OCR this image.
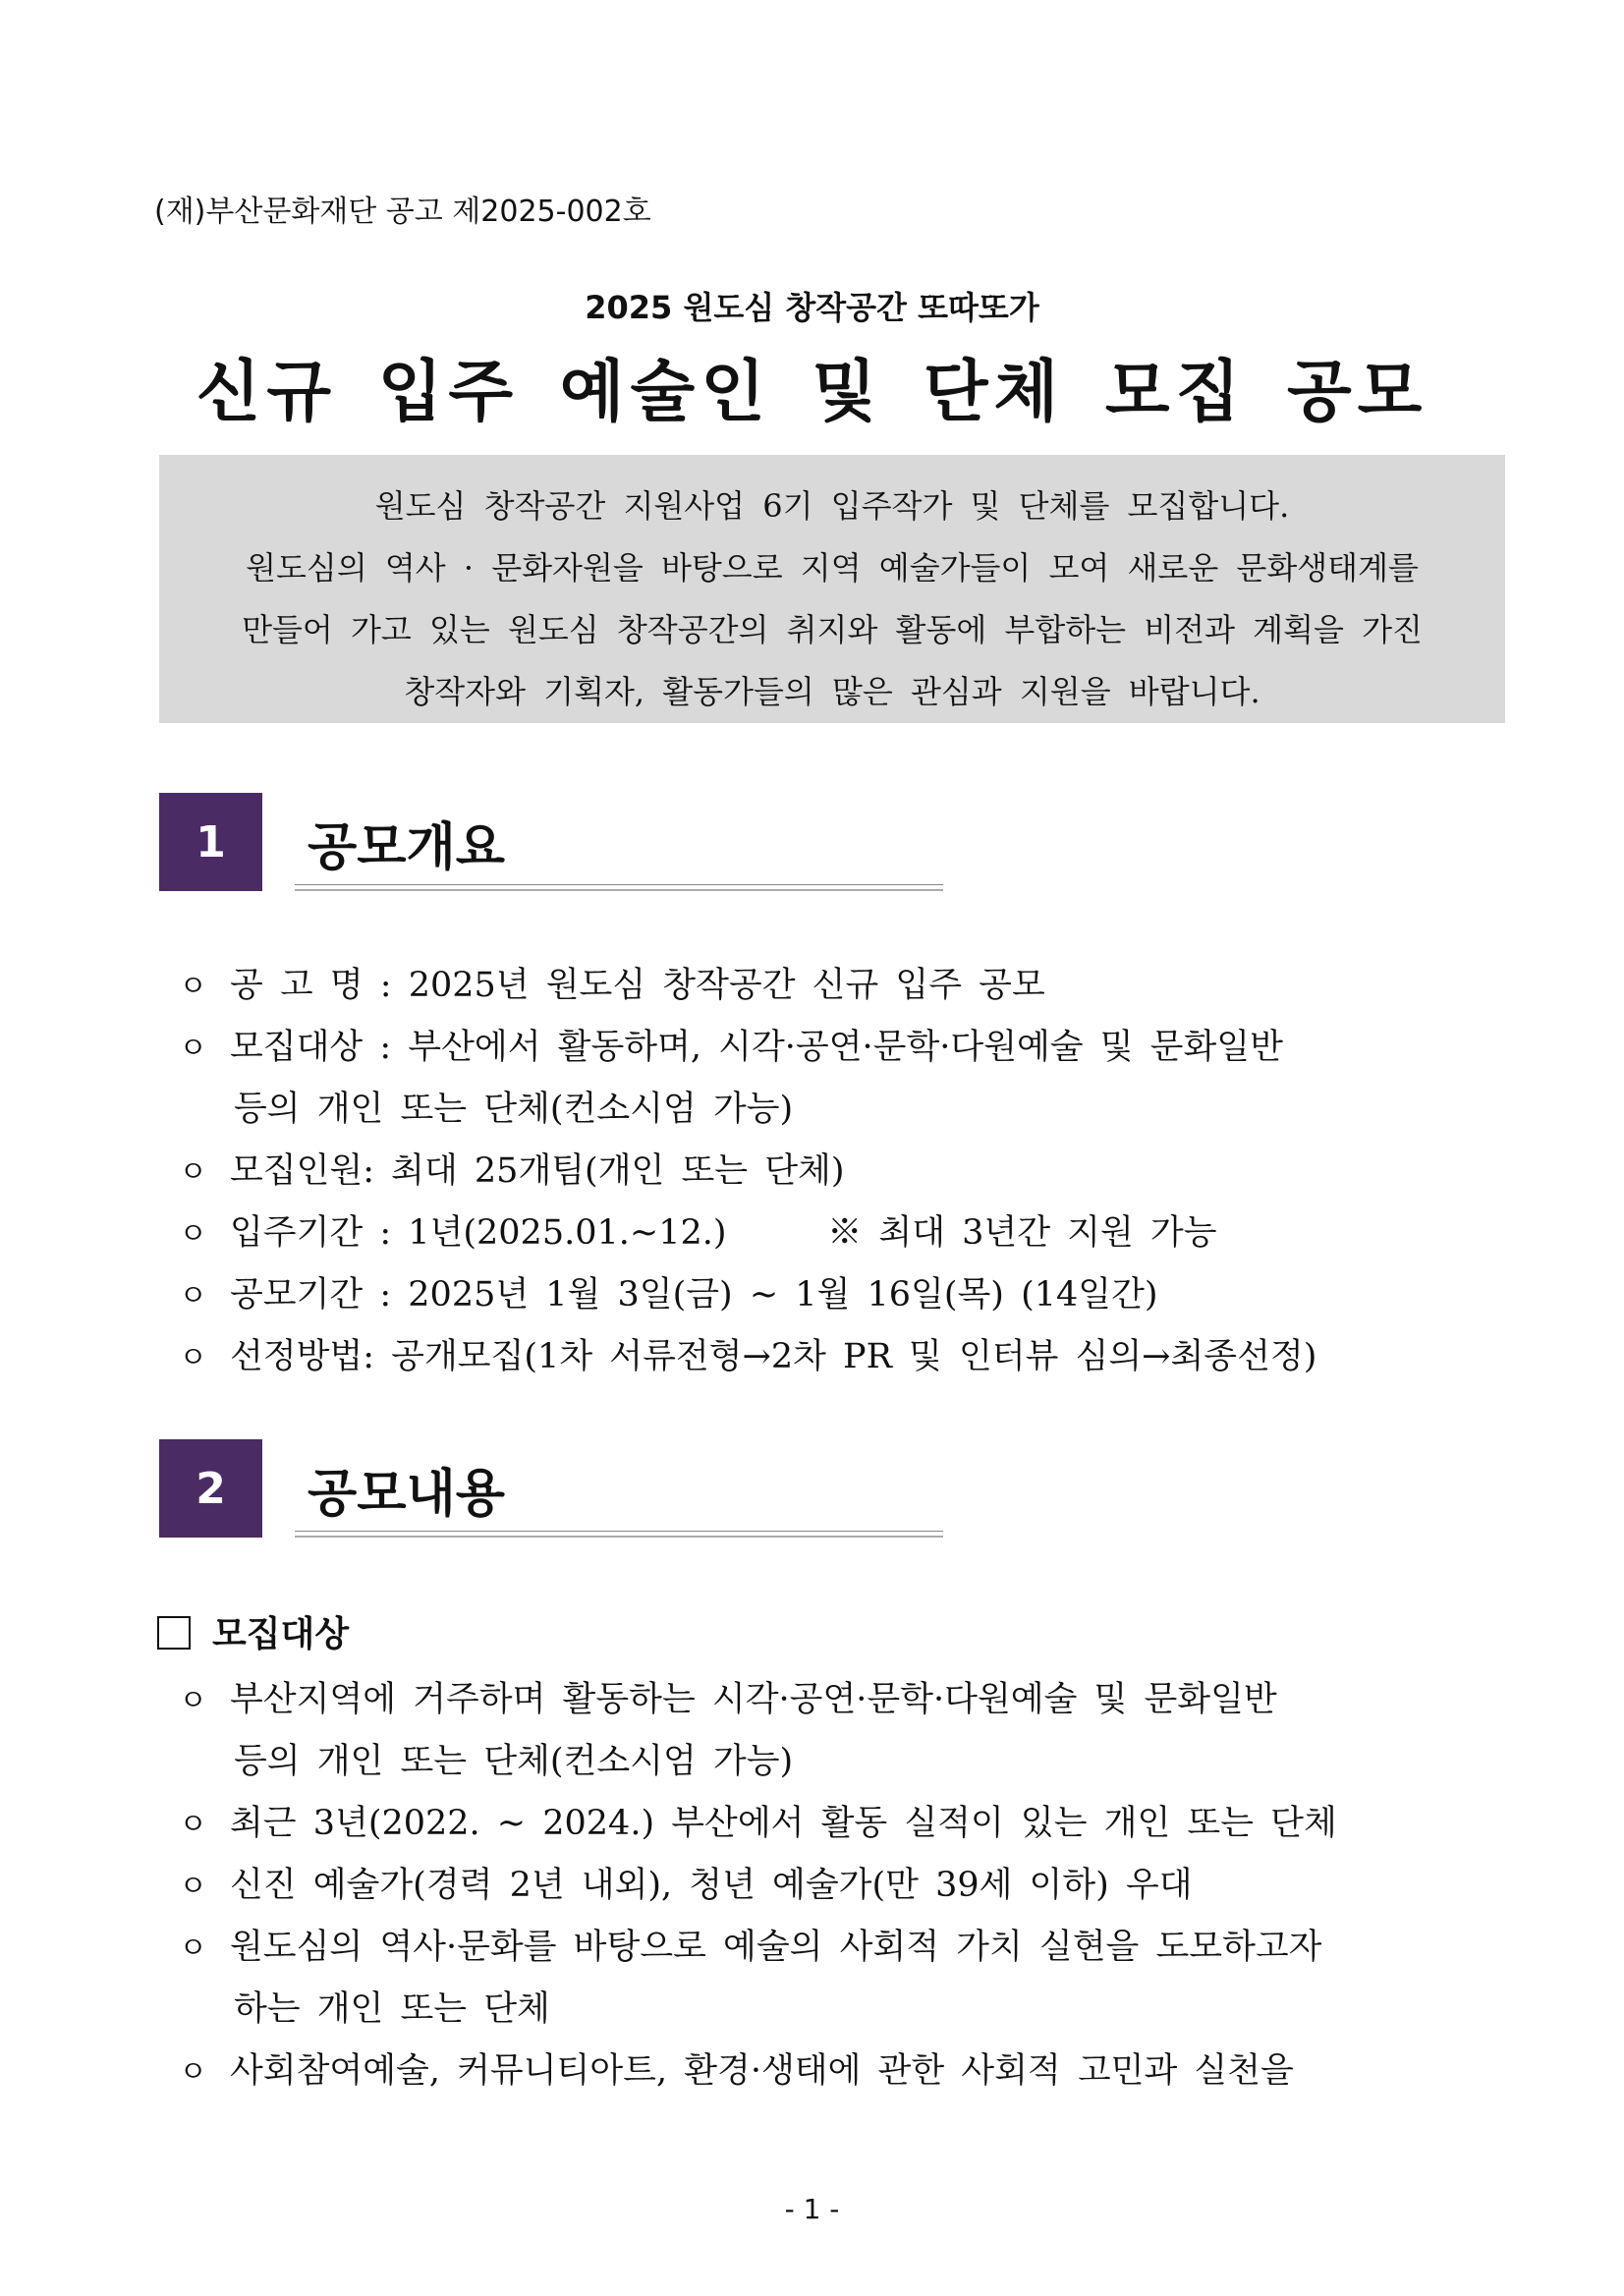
(재)부산문화재단 공고 제2025-002호
2025 원도심 창작공간 또따또가
신규 입주 예술인 및 단체 모집 공모
원도심 창작공간 지원사업 6기 입주작가 및 단체를 모집합니다.
원도심의 역사 · 문화자원을 바탕으로 지역 예술가들이 모여 새로운 문화생태계를
만들어 가고 있는 원도심 창작공간의 취지와 활동에 부합하는 비전과 계획을 가진
창작자와 기획자, 활동가들의 많은 관심과 지원을 바랍니다.
1	공모개요
ㅇ 공 고 명 : 2025년 원도심 창작공간 신규 입주 공모
ㅇ 모집대상 : 부산에서 활동하며, 시각·공연·문학·다원예술 및 문화일반
등의 개인 또는 단체(컨소시엄 가능)
ㅇ 모집인원: 최대 25개팀(개인 또는 단체)
ㅇ 입주기간 : 1년(2025.01.~12.)      ※ 최대 3년간 지원 가능
ㅇ 공모기간 : 2025년 1월 3일(금) ~ 1월 16일(목) (14일간)
ㅇ 선정방법: 공개모집(1차 서류전형→2차 PR 및 인터뷰 심의→최종선정)
2	공모내용
모집대상
ㅇ 부산지역에 거주하며 활동하는 시각·공연·문학·다원예술 및 문화일반
등의 개인 또는 단체(컨소시엄 가능)
ㅇ 최근 3년(2022. ~ 2024.) 부산에서 활동 실적이 있는 개인 또는 단체
ㅇ 신진 예술가(경력 2년 내외), 청년 예술가(만 39세 이하) 우대
ㅇ 원도심의 역사·문화를 바탕으로 예술의 사회적 가치 실현을 도모하고자
하는 개인 또는 단체
ㅇ 사회참여예술, 커뮤니티아트, 환경·생태에 관한 사회적 고민과 실천을
- 1 -
